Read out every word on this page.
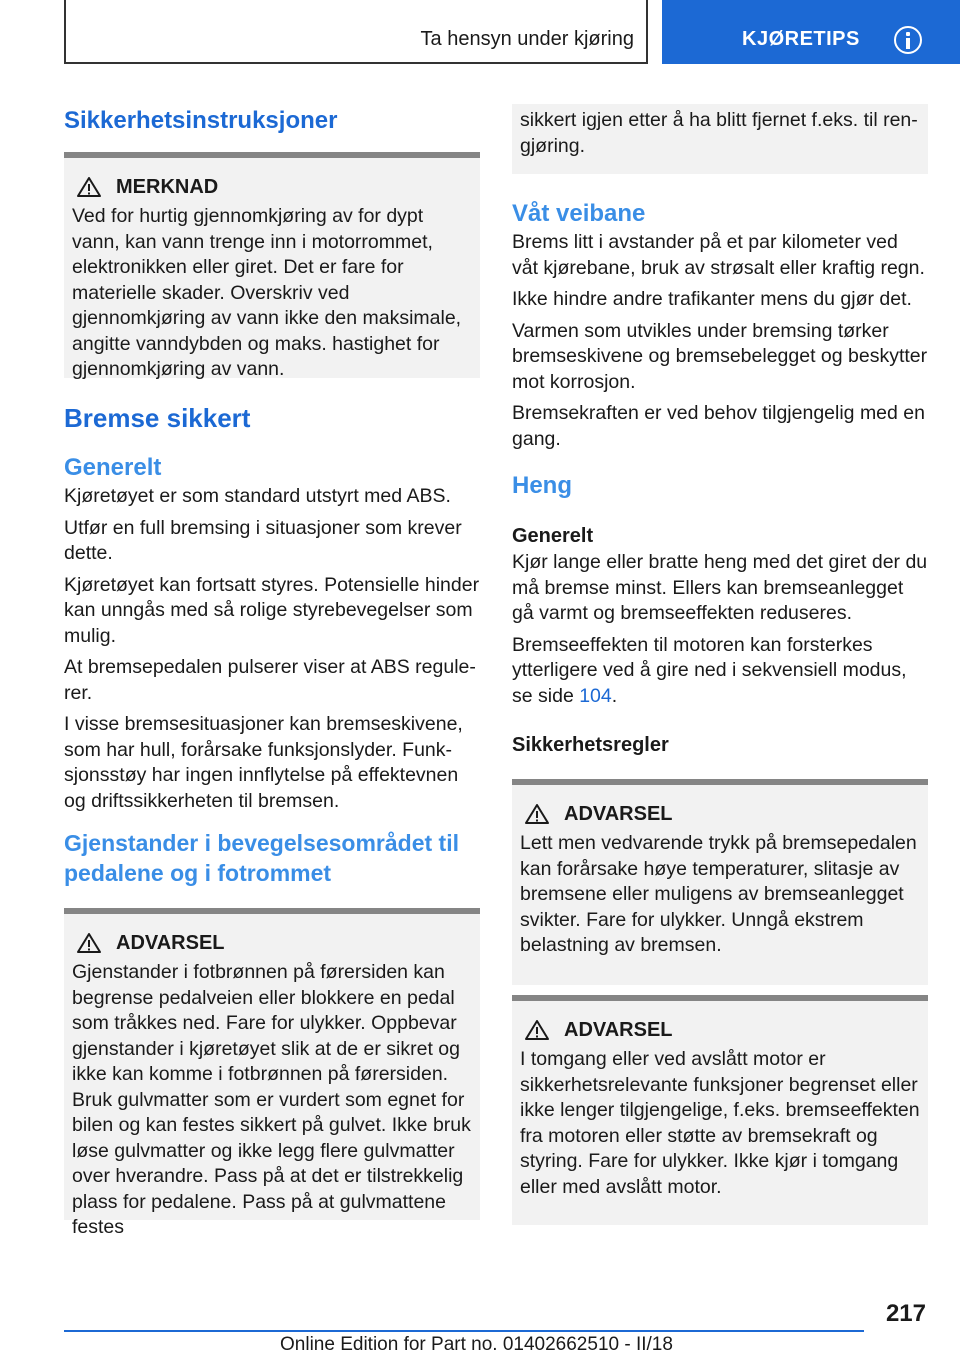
Ta hensyn under kjøring	KJØRETIPS
Sikkerhetsinstruksjoner
MERKNAD

Ved for hurtig gjennomkjøring av for dypt vann, kan vann trenge inn i motorrommet, elektronikken eller giret. Det er fare for materielle skader. Overskriv ved gjennomkjøring av vann ikke den maksimale, angitte vanndybden og maks. hastighet for gjennomkjøring av vann.

Bremse sikkert
Generelt

Kjøretøyet er som standard utstyrt med ABS.

Utfør en full bremsing i situasjoner som krever dette.

Kjøretøyet kan fortsatt styres. Potensielle hinder kan unngås med så rolige styrebevegelser som mulig.

At bremsepedalen pulserer viser at ABS regulerer.

I visse bremsesituasjoner kan bremseskivene, som har hull, forårsake funksjonslyder. Funksjonsstøy har ingen innflytelse på effektevnen og driftssikkerheten til bremsen.

Gjenstander i bevegelsesområdet til pedalene og i fotrommet
ADVARSEL

Gjenstander i fotbrønnen på førersiden kan begrense pedalveien eller blokkere en pedal som tråkkes ned. Fare for ulykker. Oppbevar gjenstander i kjøretøyet slik at de er sikret og ikke kan komme i fotbrønnen på førersiden. Bruk gulvmatter som er vurdert som egnet for bilen og kan festes sikkert på gulvet. Ikke bruk løse gulvmatter og ikke legg flere gulvmatter over hverandre. Pass på at det er tilstrekkelig plass for pedalene. Pass på at gulvmattene festes

sikkert igjen etter å ha blitt fjernet f.eks. til rengjøring.

Våt veibane

Brems litt i avstander på et par kilometer ved våt kjørebane, bruk av strøsalt eller kraftig regn.

Ikke hindre andre trafikanter mens du gjør det.

Varmen som utvikles under bremsing tørker bremseskivene og bremsebelegget og beskytter mot korrosjon.

Bremsekraften er ved behov tilgjengelig med en gang.

Heng
Generelt

Kjør lange eller bratte heng med det giret der du må bremse minst. Ellers kan bremseanlegget gå varmt og bremseeffekten reduseres.

Bremseeffekten til motoren kan forsterkes ytterligere ved å gire ned i sekvensiell modus, se side 104.

Sikkerhetsregler
ADVARSEL

Lett men vedvarende trykk på bremsepedalen kan forårsake høye temperaturer, slitasje av bremsene eller muligens av bremseanlegget svikter. Fare for ulykker. Unngå ekstrem belastning av bremsen.

ADVARSEL

I tomgang eller ved avslått motor er sikkerhetsrelevante funksjoner begrenset eller ikke lenger tilgjengelige, f.eks. bremseeffekten fra motoren eller støtte av bremsekraft og styring. Fare for ulykker. Ikke kjør i tomgang eller med avslått motor.

217
Online Edition for Part no. 01402662510 - II/18
